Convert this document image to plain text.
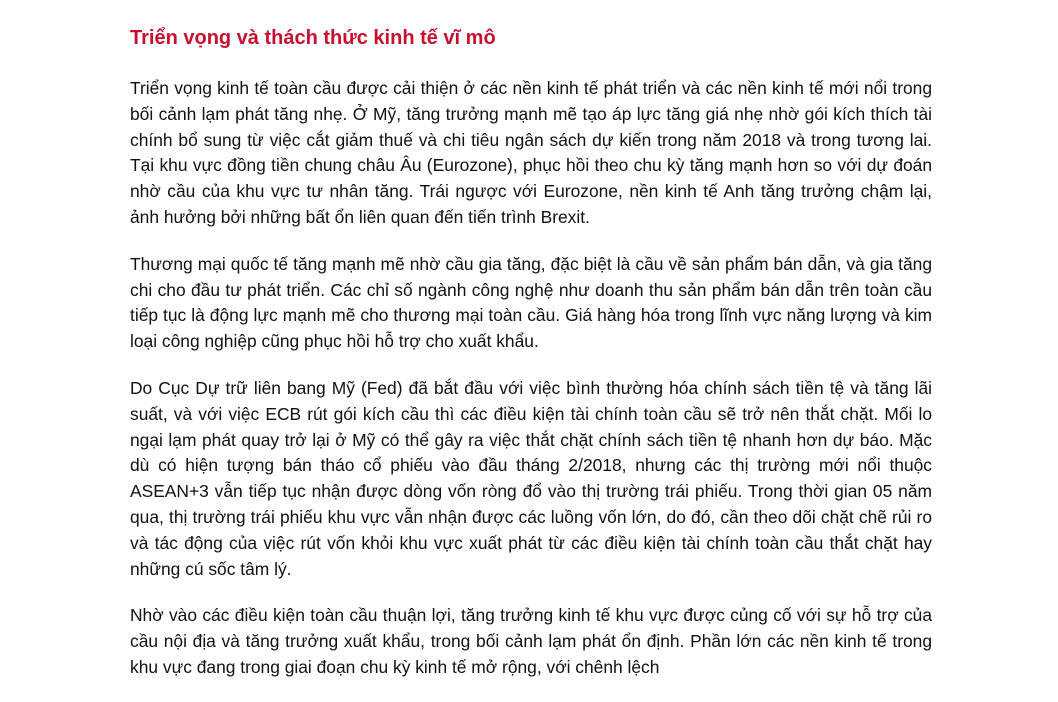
Triển vọng và thách thức kinh tế vĩ mô

Triển vọng kinh tế toàn cầu được cải thiện ở các nền kinh tế phát triển và các nền kinh tế mới nổi trong bối cảnh lạm phát tăng nhẹ. Ở Mỹ, tăng trưởng mạnh mẽ tạo áp lực tăng giá nhẹ nhờ gói kích thích tài chính bổ sung từ việc cắt giảm thuế và chi tiêu ngân sách dự kiến trong năm 2018 và trong tương lai. Tại khu vực đồng tiền chung châu Âu (Eurozone), phục hồi theo chu kỳ tăng mạnh hơn so với dự đoán nhờ cầu của khu vực tư nhân tăng. Trái ngược với Eurozone, nền kinh tế Anh tăng trưởng chậm lại, ảnh hưởng bởi những bất ổn liên quan đến tiến trình Brexit.

Thương mại quốc tế tăng mạnh mẽ nhờ cầu gia tăng, đặc biệt là cầu về sản phẩm bán dẫn, và gia tăng chi cho đầu tư phát triển. Các chỉ số ngành công nghệ như doanh thu sản phẩm bán dẫn trên toàn cầu tiếp tục là động lực mạnh mẽ cho thương mại toàn cầu. Giá hàng hóa trong lĩnh vực năng lượng và kim loại công nghiệp cũng phục hồi hỗ trợ cho xuất khẩu.

Do Cục Dự trữ liên bang Mỹ (Fed) đã bắt đầu với việc bình thường hóa chính sách tiền tệ và tăng lãi suất, và với việc ECB rút gói kích cầu thì các điều kiện tài chính toàn cầu sẽ trở nên thắt chặt. Mối lo ngại lạm phát quay trở lại ở Mỹ có thể gây ra việc thắt chặt chính sách tiền tệ nhanh hơn dự báo. Mặc dù có hiện tượng bán tháo cổ phiếu vào đầu tháng 2/2018, nhưng các thị trường mới nổi thuộc ASEAN+3 vẫn tiếp tục nhận được dòng vốn ròng đổ vào thị trường trái phiếu. Trong thời gian 05 năm qua, thị trường trái phiếu khu vực vẫn nhận được các luồng vốn lớn, do đó, cần theo dõi chặt chẽ rủi ro và tác động của việc rút vốn khỏi khu vực xuất phát từ các điều kiện tài chính toàn cầu thắt chặt hay những cú sốc tâm lý.

Nhờ vào các điều kiện toàn cầu thuận lợi, tăng trưởng kinh tế khu vực được củng cố với sự hỗ trợ của cầu nội địa và tăng trưởng xuất khẩu, trong bối cảnh lạm phát ổn định. Phần lớn các nền kinh tế trong khu vực đang trong giai đoạn chu kỳ kinh tế mở rộng, với chênh lệch
